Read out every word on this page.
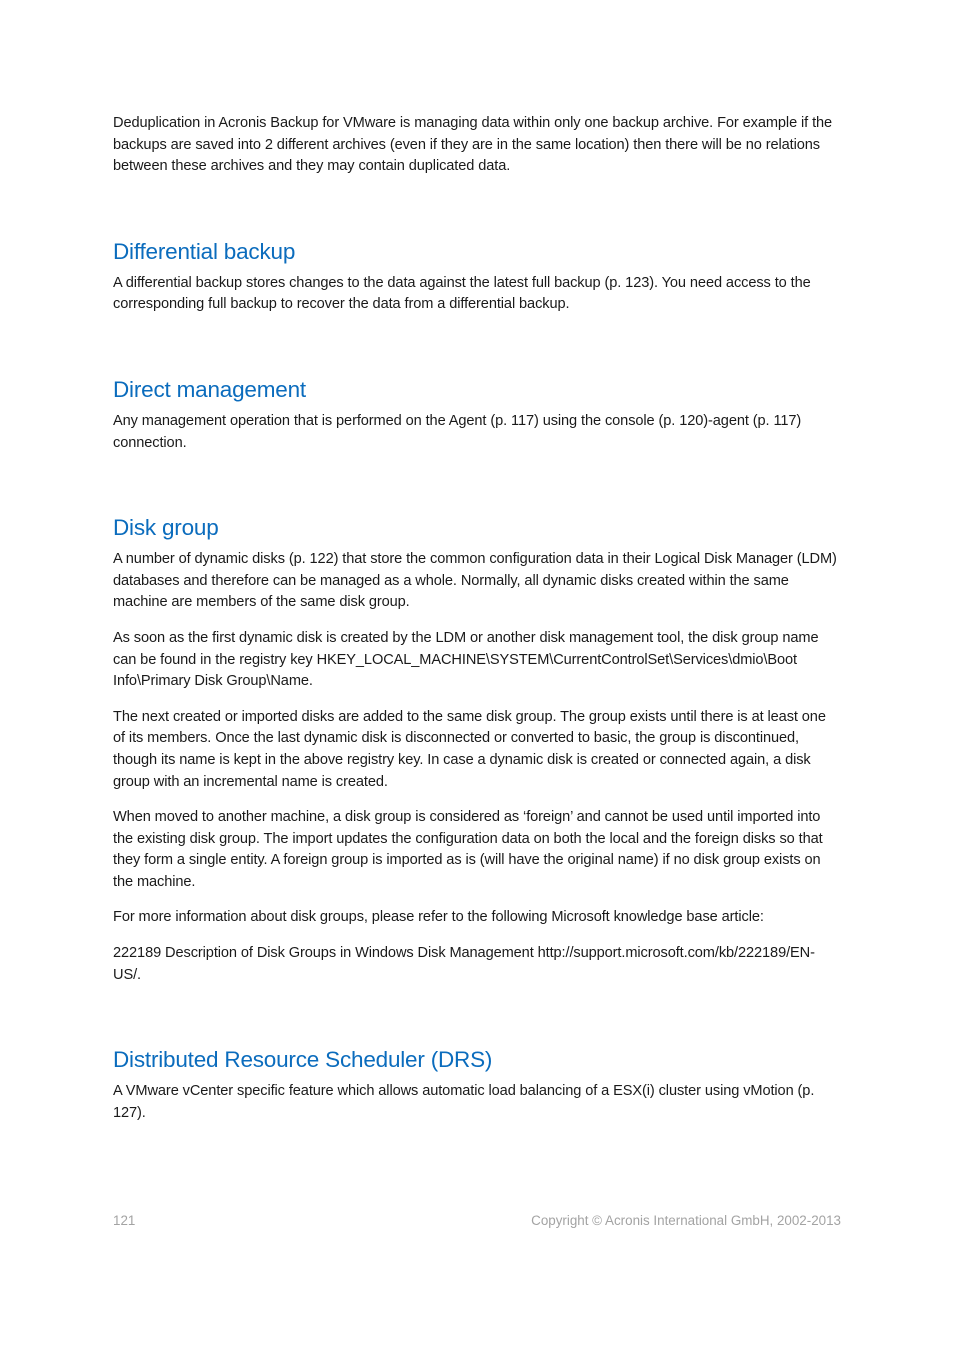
Deduplication in Acronis Backup for VMware is managing data within only one backup archive. For example if the backups are saved into 2 different archives (even if they are in the same location) then there will be no relations between these archives and they may contain duplicated data.

Differential backup

A differential backup stores changes to the data against the latest full backup (p. 123). You need access to the corresponding full backup to recover the data from a differential backup.

Direct management

Any management operation that is performed on the Agent (p. 117) using the console (p. 120)-agent (p. 117) connection.

Disk group

A number of dynamic disks (p. 122) that store the common configuration data in their Logical Disk Manager (LDM) databases and therefore can be managed as a whole. Normally, all dynamic disks created within the same machine are members of the same disk group.

As soon as the first dynamic disk is created by the LDM or another disk management tool, the disk group name can be found in the registry key HKEY_LOCAL_MACHINE\SYSTEM\CurrentControlSet\Services\dmio\Boot Info\Primary Disk Group\Name.

The next created or imported disks are added to the same disk group. The group exists until there is at least one of its members. Once the last dynamic disk is disconnected or converted to basic, the group is discontinued, though its name is kept in the above registry key. In case a dynamic disk is created or connected again, a disk group with an incremental name is created.

When moved to another machine, a disk group is considered as ‘foreign’ and cannot be used until imported into the existing disk group. The import updates the configuration data on both the local and the foreign disks so that they form a single entity. A foreign group is imported as is (will have the original name) if no disk group exists on the machine.

For more information about disk groups, please refer to the following Microsoft knowledge base article:

222189 Description of Disk Groups in Windows Disk Management http://support.microsoft.com/kb/222189/EN-US/.

Distributed Resource Scheduler (DRS)

A VMware vCenter specific feature which allows automatic load balancing of a ESX(i) cluster using vMotion (p. 127).

121	Copyright © Acronis International GmbH, 2002-2013
